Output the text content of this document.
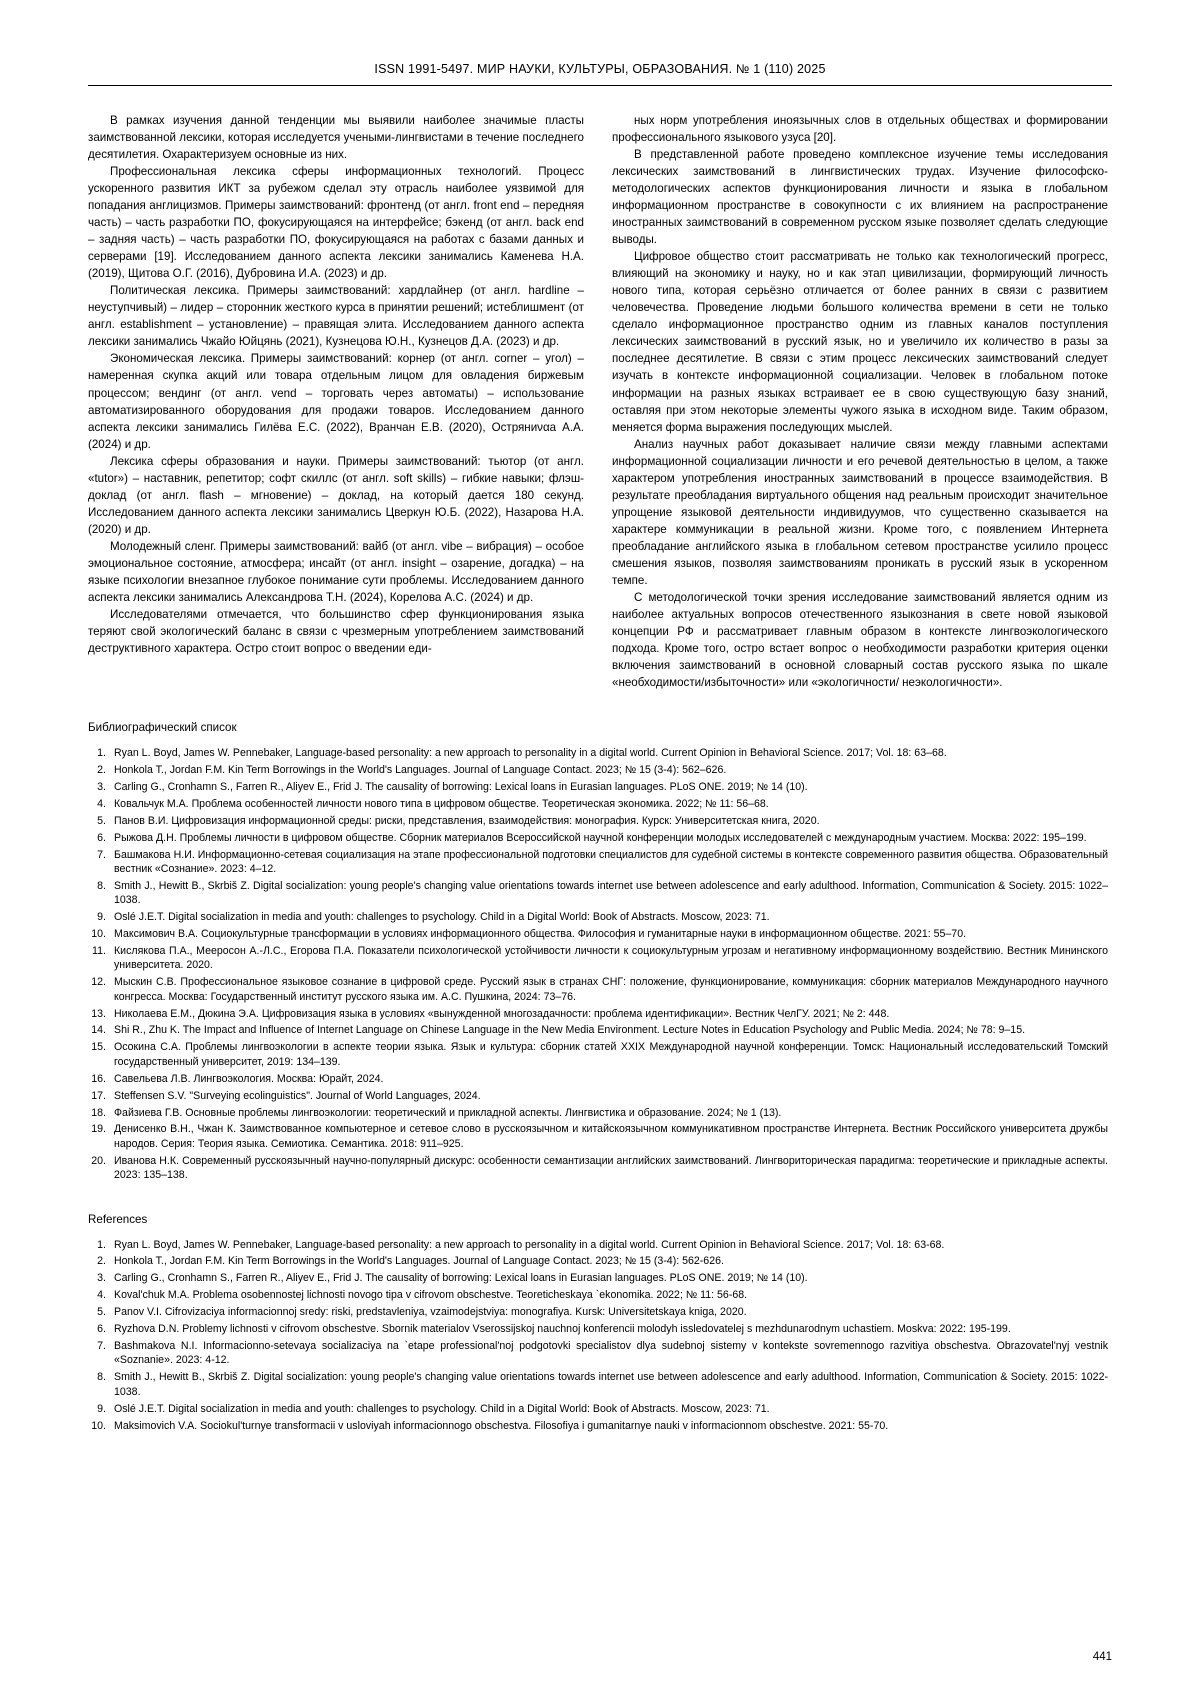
ISSN 1991-5497. МИР НАУКИ, КУЛЬТУРЫ, ОБРАЗОВАНИЯ. № 1 (110) 2025

В рамках изучения данной тенденции мы выявили наиболее значимые пласты заимствованной лексики, которая исследуется учеными-лингвистами в течение последнего десятилетия. Охарактеризуем основные из них.

Профессиональная лексика сферы информационных технологий. Процесс ускоренного развития ИКТ за рубежом сделал эту отрасль наиболее уязвимой для попадания англицизмов. Примеры заимствований: фронтенд (от англ. front end – передняя часть) – часть разработки ПО, фокусирующаяся на интерфейсе; бэкенд (от англ. back end – задняя часть) – часть разработки ПО, фокусирующаяся на работах с базами данных и серверами [19]. Исследованием данного аспекта лексики занимались Каменева Н.А. (2019), Щитова О.Г. (2016), Дубровина И.А. (2023) и др.

Политическая лексика. Примеры заимствований: хардлайнер (от англ. hardline – неуступчивый) – лидер – сторонник жесткого курса в принятии решений; истеблишмент (от англ. establishment – установление) – правящая элита. Исследованием данного аспекта лексики занимались Чжайо Юйцянь (2021), Кузнецова Ю.Н., Кузнецов Д.А. (2023) и др.

Экономическая лексика. Примеры заимствований: корнер (от англ. corner – угол) – намеренная скупка акций или товара отдельным лицом для овладения биржевым процессом; вендинг (от англ. vend – торговать через автоматы) – использование автоматизированного оборудования для продажи товаров. Исследованием данного аспекта лексики занимались Гилёва Е.С. (2022), Вранчан Е.В. (2020), Остряниναa А.А. (2024) и др.

Лексика сферы образования и науки. Примеры заимствований: тьютор (от англ. «tutor») – наставник, репетитор; софт скиллс (от англ. soft skills) – гибкие навыки; флэш-доклад (от англ. flash – мгновение) – доклад, на который дается 180 секунд. Исследованием данного аспекта лексики занимались Цверкун Ю.Б. (2022), Назарова Н.А. (2020) и др.

Молодежный сленг. Примеры заимствований: вайб (от англ. vibe – вибрация) – особое эмоциональное состояние, атмосфера; инсайт (от англ. insight – озарение, догадка) – на языке психологии внезапное глубокое понимание сути проблемы. Исследованием данного аспекта лексики занимались Александрова Т.Н. (2024), Корелова А.С. (2024) и др.

Исследователями отмечается, что большинство сфер функционирования языка теряют свой экологический баланс в связи с чрезмерным употреблением заимствований деструктивного характера. Остро стоит вопрос о введении еди-

ных норм употребления иноязычных слов в отдельных обществах и формировании профессионального языкового узуса [20].

В представленной работе проведено комплексное изучение темы исследования лексических заимствований в лингвистических трудах. Изучение философско-методологических аспектов функционирования личности и языка в глобальном информационном пространстве в совокупности с их влиянием на распространение иностранных заимствований в современном русском языке позволяет сделать следующие выводы.

Цифровое общество стоит рассматривать не только как технологический прогресс, влияющий на экономику и науку, но и как этап цивилизации, формирующий личность нового типа, которая серьёзно отличается от более ранних в связи с развитием человечества. Проведение людьми большого количества времени в сети не только сделало информационное пространство одним из главных каналов поступления лексических заимствований в русский язык, но и увеличило их количество в разы за последнее десятилетие. В связи с этим процесс лексических заимствований следует изучать в контексте информационной социализации. Человек в глобальном потоке информации на разных языках встраивает ее в свою существующую базу знаний, оставляя при этом некоторые элементы чужого языка в исходном виде. Таким образом, меняется форма выражения последующих мыслей.

Анализ научных работ доказывает наличие связи между главными аспектами информационной социализации личности и его речевой деятельностью в целом, а также характером употребления иностранных заимствований в процессе взаимодействия. В результате преобладания виртуального общения над реальным происходит значительное упрощение языковой деятельности индивидуумов, что существенно сказывается на характере коммуникации в реальной жизни. Кроме того, с появлением Интернета преобладание английского языка в глобальном сетевом пространстве усилило процесс смешения языков, позволяя заимствованиям проникать в русский язык в ускоренном темпе.

С методологической точки зрения исследование заимствований является одним из наиболее актуальных вопросов отечественного языкознания в свете новой языковой концепции РФ и рассматривает главным образом в контексте лингвоэкологического подхода. Кроме того, остро встает вопрос о необходимости разработки критерия оценки включения заимствований в основной словарный состав русского языка по шкале «необходимости/избыточности» или «экологичности/ неэкологичности».

Библиографический список
1. Ryan L. Boyd, James W. Pennebaker, Language-based personality: a new approach to personality in a digital world. Current Opinion in Behavioral Science. 2017; Vol. 18: 63–68.
2. Honkola T., Jordan F.M. Kin Term Borrowings in the World's Languages. Journal of Language Contact. 2023; № 15 (3-4): 562–626.
3. Carling G., Cronhamn S., Farren R., Aliyev E., Frid J. The causality of borrowing: Lexical loans in Eurasian languages. PLoS ONE. 2019; № 14 (10).
4. Ковальчук М.А. Проблема особенностей личности нового типа в цифровом обществе. Теоретическая экономика. 2022; № 11: 56–68.
5. Панов В.И. Цифровизация информационной среды: риски, представления, взаимодействия: монография. Курск: Университетская книга, 2020.
6. Рыжова Д.Н. Проблемы личности в цифровом обществе. Сборник материалов Всероссийской научной конференции молодых исследователей с международным участием. Москва: 2022: 195–199.
7. Башмакова Н.И. Информационно-сетевая социализация на этапе профессиональной подготовки специалистов для судебной системы в контексте современного развития общества. Образовательный вестник «Сознание». 2023: 4–12.
8. Smith J., Hewitt B., Skrbiš Z. Digital socialization: young people's changing value orientations towards internet use between adolescence and early adulthood. Information, Communication & Society. 2015: 1022–1038.
9. Oslé J.E.T. Digital socialization in media and youth: challenges to psychology. Child in a Digital World: Book of Abstracts. Moscow, 2023: 71.
10. Максимович В.А. Социокультурные трансформации в условиях информационного общества. Философия и гуманитарные науки в информационном обществе. 2021: 55–70.
11. Кислякова П.А., Мееросон А.-Л.С., Егорова П.А. Показатели психологической устойчивости личности к социокультурным угрозам и негативному информационному воздействию. Вестник Мининского университета. 2020.
12. Мыскин С.В. Профессиональное языковое сознание в цифровой среде. Русский язык в странах СНГ: положение, функционирование, коммуникация: сборник материалов Международного научного конгресса. Москва: Государственный институт русского языка им. А.С. Пушкина, 2024: 73–76.
13. Николаева Е.М., Дюкина Э.А. Цифровизация языка в условиях «вынужденной многозадачности: проблема идентификации». Вестник ЧелГУ. 2021; № 2: 448.
14. Shi R., Zhu K. The Impact and Influence of Internet Language on Chinese Language in the New Media Environment. Lecture Notes in Education Psychology and Public Media. 2024; № 78: 9–15.
15. Осокина С.А. Проблемы лингвоэкологии в аспекте теории языка. Язык и культура: сборник статей XXIX Международной научной конференции. Томск: Национальный исследовательский Томский государственный университет, 2019: 134–139.
16. Савельева Л.В. Лингвоэкология. Москва: Юрайт, 2024.
17. Steffensen S.V. "Surveying ecolinguistics". Journal of World Languages, 2024.
18. Файзиева Г.В. Основные проблемы лингвоэкологии: теоретический и прикладной аспекты. Лингвистика и образование. 2024; № 1 (13).
19. Денисенко В.Н., Чжан К. Заимствованное компьютерное и сетевое слово в русскоязычном и китайскоязычном коммуникативном пространстве Интернета. Вестник Российского университета дружбы народов. Серия: Теория языка. Семиотика. Семантика. 2018: 911–925.
20. Иванова Н.К. Современный русскоязычный научно-популярный дискурс: особенности семантизации английских заимствований. Лингвориторическая парадигма: теоретические и прикладные аспекты. 2023: 135–138.
References
1. Ryan L. Boyd, James W. Pennebaker, Language-based personality: a new approach to personality in a digital world. Current Opinion in Behavioral Science. 2017; Vol. 18: 63-68.
2. Honkola T., Jordan F.M. Kin Term Borrowings in the World's Languages. Journal of Language Contact. 2023; № 15 (3-4): 562-626.
3. Carling G., Cronhamn S., Farren R., Aliyev E., Frid J. The causality of borrowing: Lexical loans in Eurasian languages. PLoS ONE. 2019; № 14 (10).
4. Koval'chuk M.A. Problema osobennostej lichnosti novogo tipa v cifrovom obschestve. Teoreticheskaya `ekonomika. 2022; № 11: 56-68.
5. Panov V.I. Cifrovizaciya informacionnoj sredy: riski, predstavleniya, vzaimodejstviya: monografiya. Kursk: Universitetskaya kniga, 2020.
6. Ryzhova D.N. Problemy lichnosti v cifrovom obschestve. Sbornik materialov Vserossijskoj nauchnoj konferencii molodyh issledovatelej s mezhdunarodnym uchastiem. Moskva: 2022: 195-199.
7. Bashmakova N.I. Informacionno-setevaya socializaciya na `etape professional'noj podgotovki specialistov dlya sudebnoj sistemy v kontekste sovremennogo razvitiya obschestva. Obrazovatel'nyj vestnik «Soznanie». 2023: 4-12.
8. Smith J., Hewitt B., Skrbiš Z. Digital socialization: young people's changing value orientations towards internet use between adolescence and early adulthood. Information, Communication & Society. 2015: 1022-1038.
9. Oslé J.E.T. Digital socialization in media and youth: challenges to psychology. Child in a Digital World: Book of Abstracts. Moscow, 2023: 71.
10. Maksimovich V.A. Sociokul'turnye transformacii v usloviyah informacionnogo obschestva. Filosofiya i gumanitarnye nauki v informacionnom obschestve. 2021: 55-70.
441
